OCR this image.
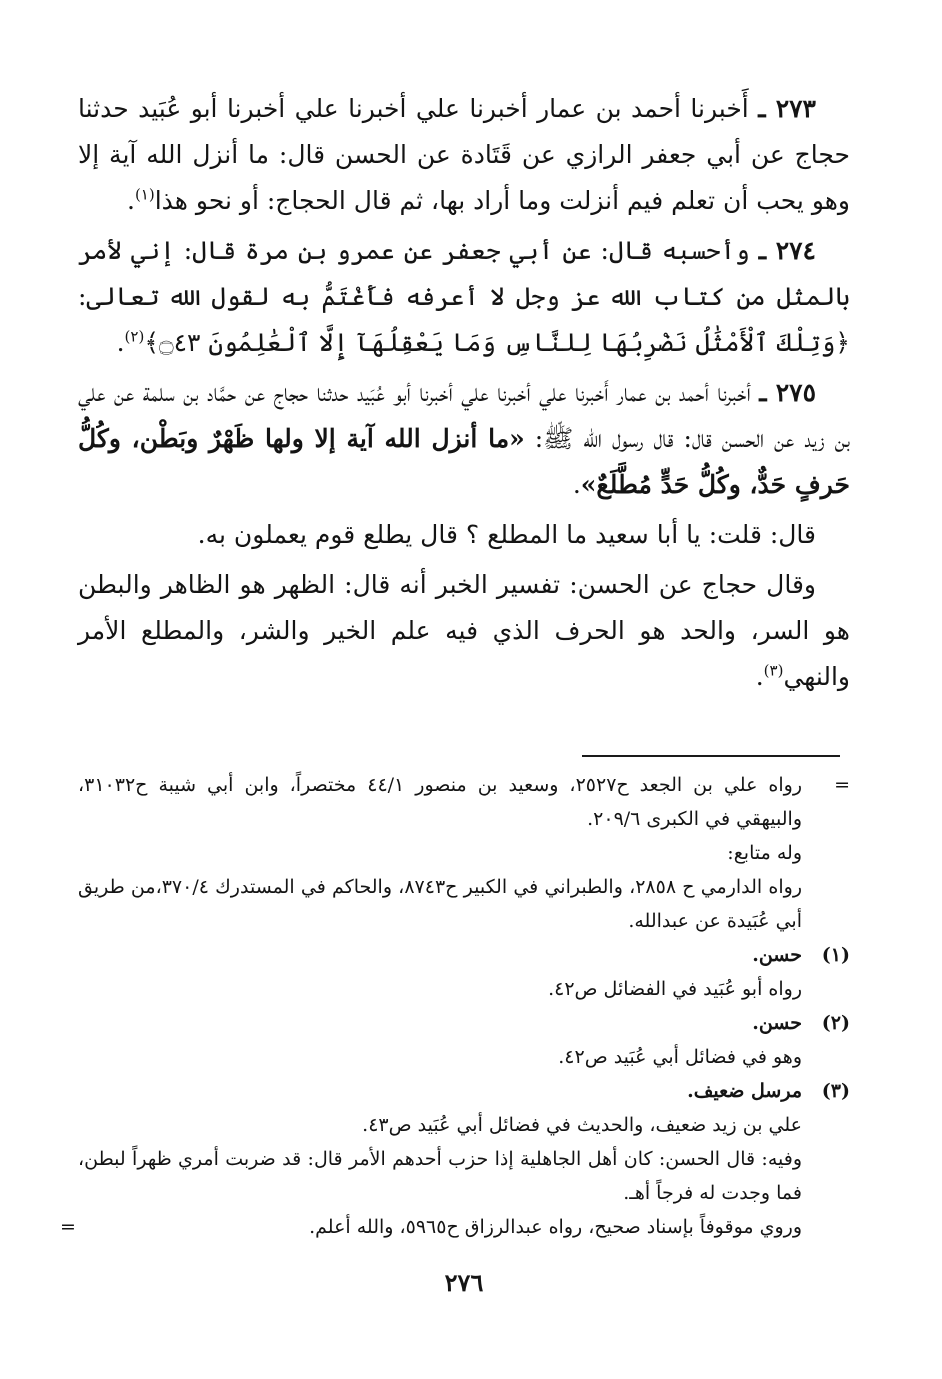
٢٧٣ ـ أَخبرنا أحمد بن عمار أخبرنا علي أخبرنا علي أخبرنا أبو عُبَيد حدثنا حجاج عن أبي جعفر الرازي عن قَتَادة عن الحسن قال: ما أنزل الله آية إلا وهو يحب أن تعلم فيم أنزلت وما أراد بها، ثم قال الحجاج: أو نحو هذا$^{(١)}$.

٢٧٤ ـ وأحسبه قال: عن أبي جعفر عن عمرو بن مرة قال: إني لأمر بالمثل من كتاب الله عز وجل لا أعرفه فأَغْتَمُّ به لقول الله تعالى: ﴿وَتِلْكَ ٱلْأَمْثَٰلُ نَضْرِبُهَا لِلنَّاسِ وَمَا يَعْقِلُهَآ إِلَّا ٱلْعَٰلِمُونَ ۝٤٣﴾$^{(٢)}$.

٢٧٥ ـ أخبرنا أحمد بن عمار أَخبرنا علي أخبرنا علي أخبرنا أبو عُبَيد حدثنا حجاج عن حمَّاد بن سلمة عن علي بن زيد عن الحسن قال: قال رسول الله ﷺ: «ما أنزل الله آية إلا ولها ظَهْرٌ وبَطْن، وكُلُّ حَرفٍ حَدٌّ، وكُلُّ حَدٍّ مُطَّلَعٌ».

قال: قلت: يا أبا سعيد ما المطلع ؟ قال يطلع قوم يعملون به.

وقال حجاج عن الحسن: تفسير الخبر أنه قال: الظهر هو الظاهر والبطن هو السر، والحد هو الحرف الذي فيه علم الخير والشر، والمطلع الأمر والنهي$^{(٣)}$.

=
رواه علي بن الجعد ح٢٥٢٧، وسعيد بن منصور ٤٤/١ مختصراً، وابن أبي شيبة ح٣١٠٣٢، والبيهقي في الكبرى ٢٠٩/٦.
وله متابع:
رواه الدارمي ح ٢٨٥٨، والطبراني في الكبير ح٨٧٤٣، والحاكم في المستدرك ٣٧٠/٤،من طريق أبي عُبَيدة عن عبدالله.
(١)
حسن.
رواه أبو عُبَيد في الفضائل ص٤٢.
(٢)
حسن.
وهو في فضائل أبي عُبَيد ص٤٢.
(٣)
مرسل ضعيف.
علي بن زيد ضعيف، والحديث في فضائل أبي عُبَيد ص٤٣.
وفيه: قال الحسن: كان أهل الجاهلية إذا حزب أحدهم الأمر قال: قد ضربت أمري ظهراً لبطن، فما وجدت له فرجاً أهـ.
وروي موقوفاً بإسناد صحيح، رواه عبدالرزاق ح٥٩٦٥، والله أعلم.
=
٢٧٦
